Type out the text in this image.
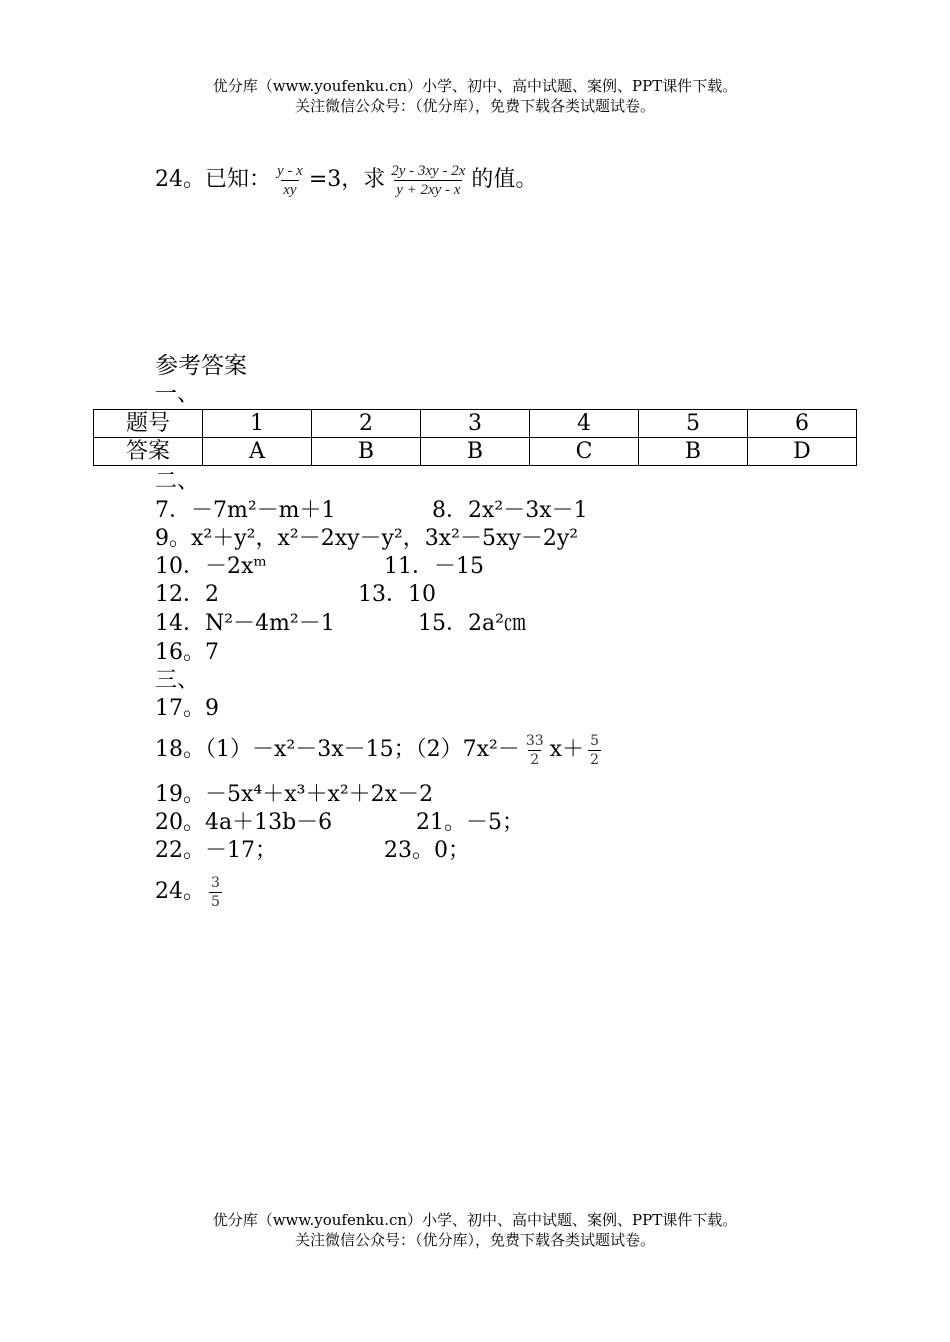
优分库（www.youfenku.cn）小学、初中、高中试题、案例、PPT课件下载。
关注微信公众号：（优分库），免费下载各类试题试卷。
24。已知： $\frac{y - x}{xy} =3$，求 $\frac{2y - 3xy - 2x}{y + 2xy - x}$ 的值。
参考答案
一、
题号	1	2	3	4	5	6
答案	A	B	B	C	B	D
二、
7．－7m²－m＋1	8．2x²－3x－1
9。x²＋y²，x²－2xy－y²，3x²－5xy－2y²
10．－2xᵐ	11．－15
12．2	13．10
14．N²－4m²－1	15．2a²㎝
16。7
三、
17。9
18。（1）－x²－3x－15；$(2)7x^2- \frac{33}{2} x+ \frac{5}{2}$
19。－5x⁴＋x³＋x²＋2x－2
20。4a＋13b－6	21。－5；
22。－17；	23。0；
24。 $\frac{3}{5}$
优分库（www.youfenku.cn）小学、初中、高中试题、案例、PPT课件下载。
关注微信公众号：（优分库），免费下载各类试题试卷。
